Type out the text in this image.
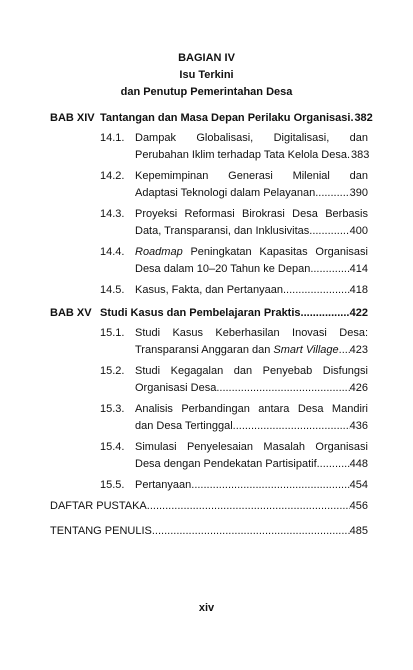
BAGIAN IV
Isu Terkini
dan Penutup Pemerintahan Desa
BAB XIV Tantangan dan Masa Depan Perilaku Organisasi ..... 382
14.1. Dampak Globalisasi, Digitalisasi, dan
Perubahan Iklim terhadap Tata Kelola Desa ..... 383
14.2. Kepemimpinan Generasi Milenial dan
Adaptasi Teknologi dalam Pelayanan .....	390
14.3. Proyeksi Reformasi Birokrasi Desa Berbasis
Data, Transparansi, dan Inklusivitas .....	400
14.4. Roadmap Peningkatan Kapasitas Organisasi
Desa dalam 10–20 Tahun ke Depan .....	414
14.5. Kasus, Fakta, dan Pertanyaan .....	418
BAB XV Studi Kasus dan Pembelajaran Praktis .....	422
15.1. Studi Kasus Keberhasilan Inovasi Desa:
Transparansi Anggaran dan Smart Village ..... 423
15.2. Studi Kegagalan dan Penyebab Disfungsi
Organisasi Desa .....	426
15.3. Analisis Perbandingan antara Desa Mandiri
dan Desa Tertinggal .....	436
15.4. Simulasi Penyelesaian Masalah Organisasi
Desa dengan Pendekatan Partisipatif .....	448
15.5. Pertanyaan .....	454
DAFTAR PUSTAKA .....	456
TENTANG PENULIS .....	485
xiv
